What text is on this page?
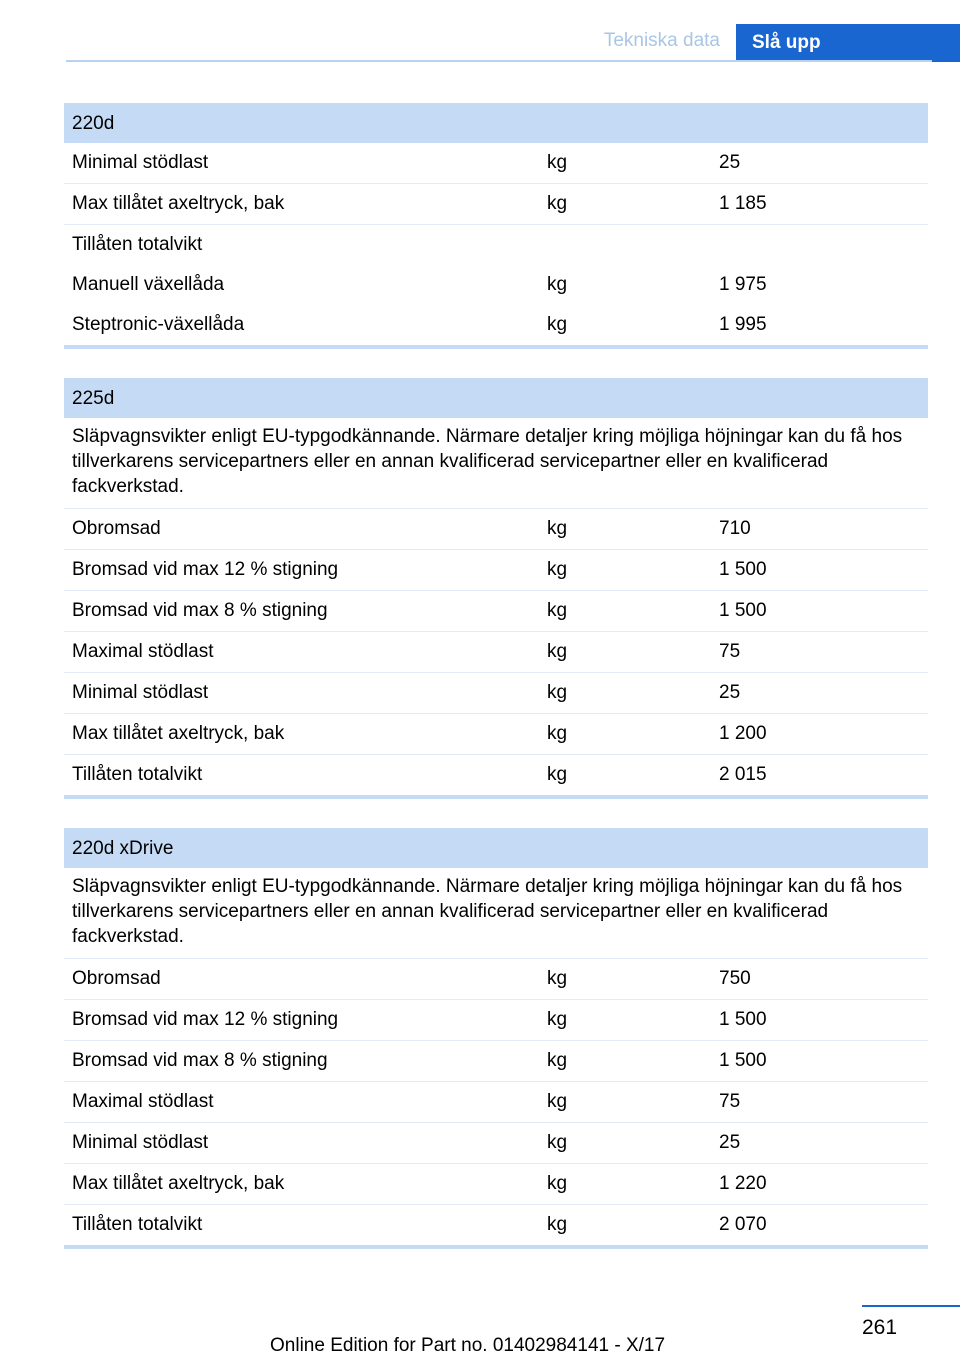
Tekniska data	Slå upp
220d
Minimal stödlast	kg	25
Max tillåtet axeltryck, bak	kg	1 185
Tillåten totalvikt
Manuell växellåda	kg	1 975
Steptronic-växellåda	kg	1 995
225d
Släpvagnsvikter enligt EU-typgodkännande. Närmare detaljer kring möjliga höjningar kan du få hos tillverkarens servicepartners eller en annan kvalificerad servicepartner eller en kvalificerad fackverkstad.
Obromsad	kg	710
Bromsad vid max 12 % stigning	kg	1 500
Bromsad vid max 8 % stigning	kg	1 500
Maximal stödlast	kg	75
Minimal stödlast	kg	25
Max tillåtet axeltryck, bak	kg	1 200
Tillåten totalvikt	kg	2 015
220d xDrive
Släpvagnsvikter enligt EU-typgodkännande. Närmare detaljer kring möjliga höjningar kan du få hos tillverkarens servicepartners eller en annan kvalificerad servicepartner eller en kvalificerad fackverkstad.
Obromsad	kg	750
Bromsad vid max 12 % stigning	kg	1 500
Bromsad vid max 8 % stigning	kg	1 500
Maximal stödlast	kg	75
Minimal stödlast	kg	25
Max tillåtet axeltryck, bak	kg	1 220
Tillåten totalvikt	kg	2 070
261
Online Edition for Part no. 01402984141 - X/17
